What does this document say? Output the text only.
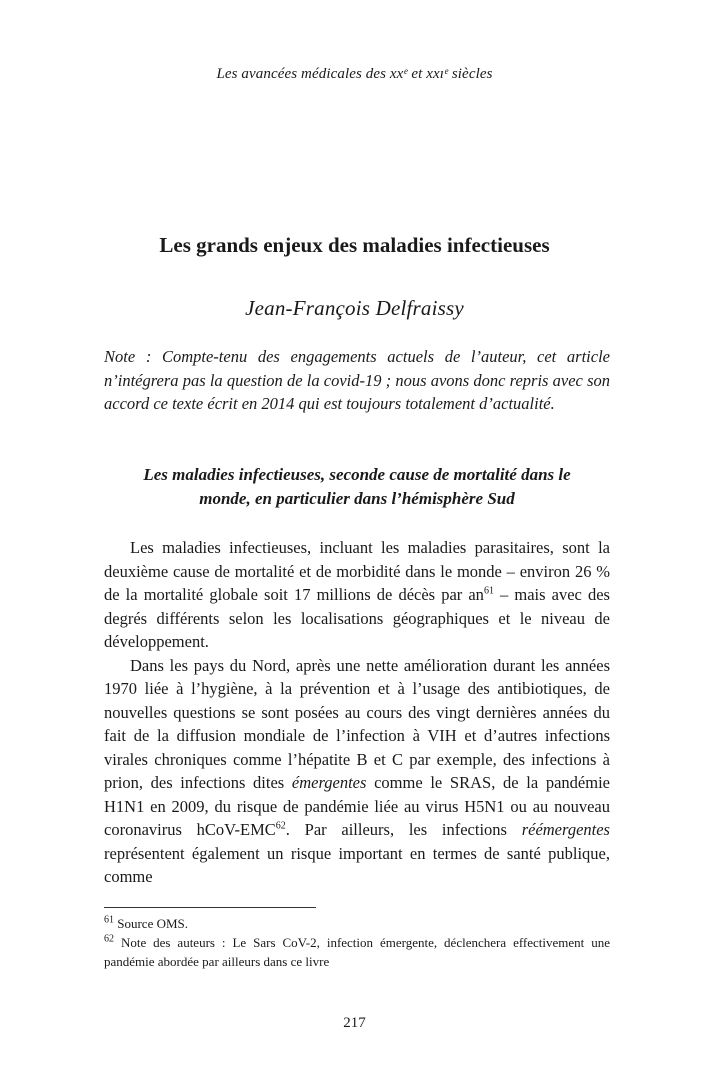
Les avancées médicales des xxᵉ et xxıᵉ siècles
Les grands enjeux des maladies infectieuses
Jean-François Delfraissy
Note : Compte-tenu des engagements actuels de l’auteur, cet article n’intégrera pas la question de la covid-19 ; nous avons donc repris avec son accord ce texte écrit en 2014 qui est toujours totalement d’actualité.
Les maladies infectieuses, seconde cause de mortalité dans le
monde, en particulier dans l’hémisphère Sud

Les maladies infectieuses, incluant les maladies parasitaires, sont la deuxième cause de mortalité et de morbidité dans le monde – environ 26 % de la mortalité globale soit 17 millions de décès par $an^{61}$ – mais avec des degrés différents selon les localisations géographiques et le niveau de développement.

Dans les pays du Nord, après une nette amélioration durant les années 1970 liée à l’hygiène, à la prévention et à l’usage des antibiotiques, de nouvelles questions se sont posées au cours des vingt dernières années du fait de la diffusion mondiale de l’infection à VIH et d’autres infections virales chroniques comme l’hépatite B et C par exemple, des infections à prion, des infections dites émergentes comme le SRAS, de la pandémie H1N1 en 2009, du risque de pandémie liée au virus H5N1 ou au nouveau coronavirus hCoV-EMC$^{62}$. Par ailleurs, les infections réémergentes représentent également un risque important en termes de santé publique, comme

$^{61}$ Source OMS.

$^{62}$ Note des auteurs : Le Sars CoV-2, infection émergente, déclenchera effectivement une pandémie abordée par ailleurs dans ce livre

217
